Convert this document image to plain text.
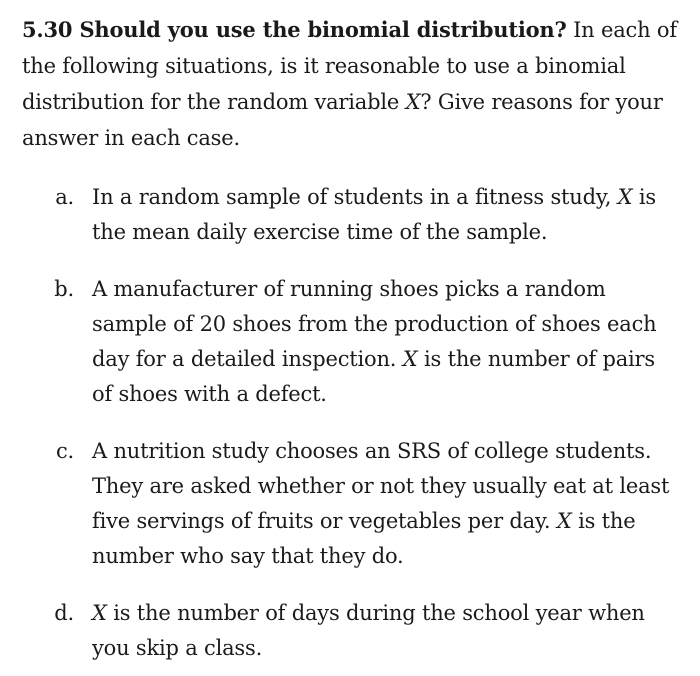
5.30 Should you use the binomial distribution? In each of the following situations, is it reasonable to use a binomial distribution for the random variable X? Give reasons for your answer in each case.

a. In a random sample of students in a fitness study, X is the mean daily exercise time of the sample.
b. A manufacturer of running shoes picks a random sample of 20 shoes from the production of shoes each day for a detailed inspection. X is the number of pairs of shoes with a defect.
c. A nutrition study chooses an SRS of college students. They are asked whether or not they usually eat at least five servings of fruits or vegetables per day. X is the number who say that they do.
d. X is the number of days during the school year when you skip a class.
